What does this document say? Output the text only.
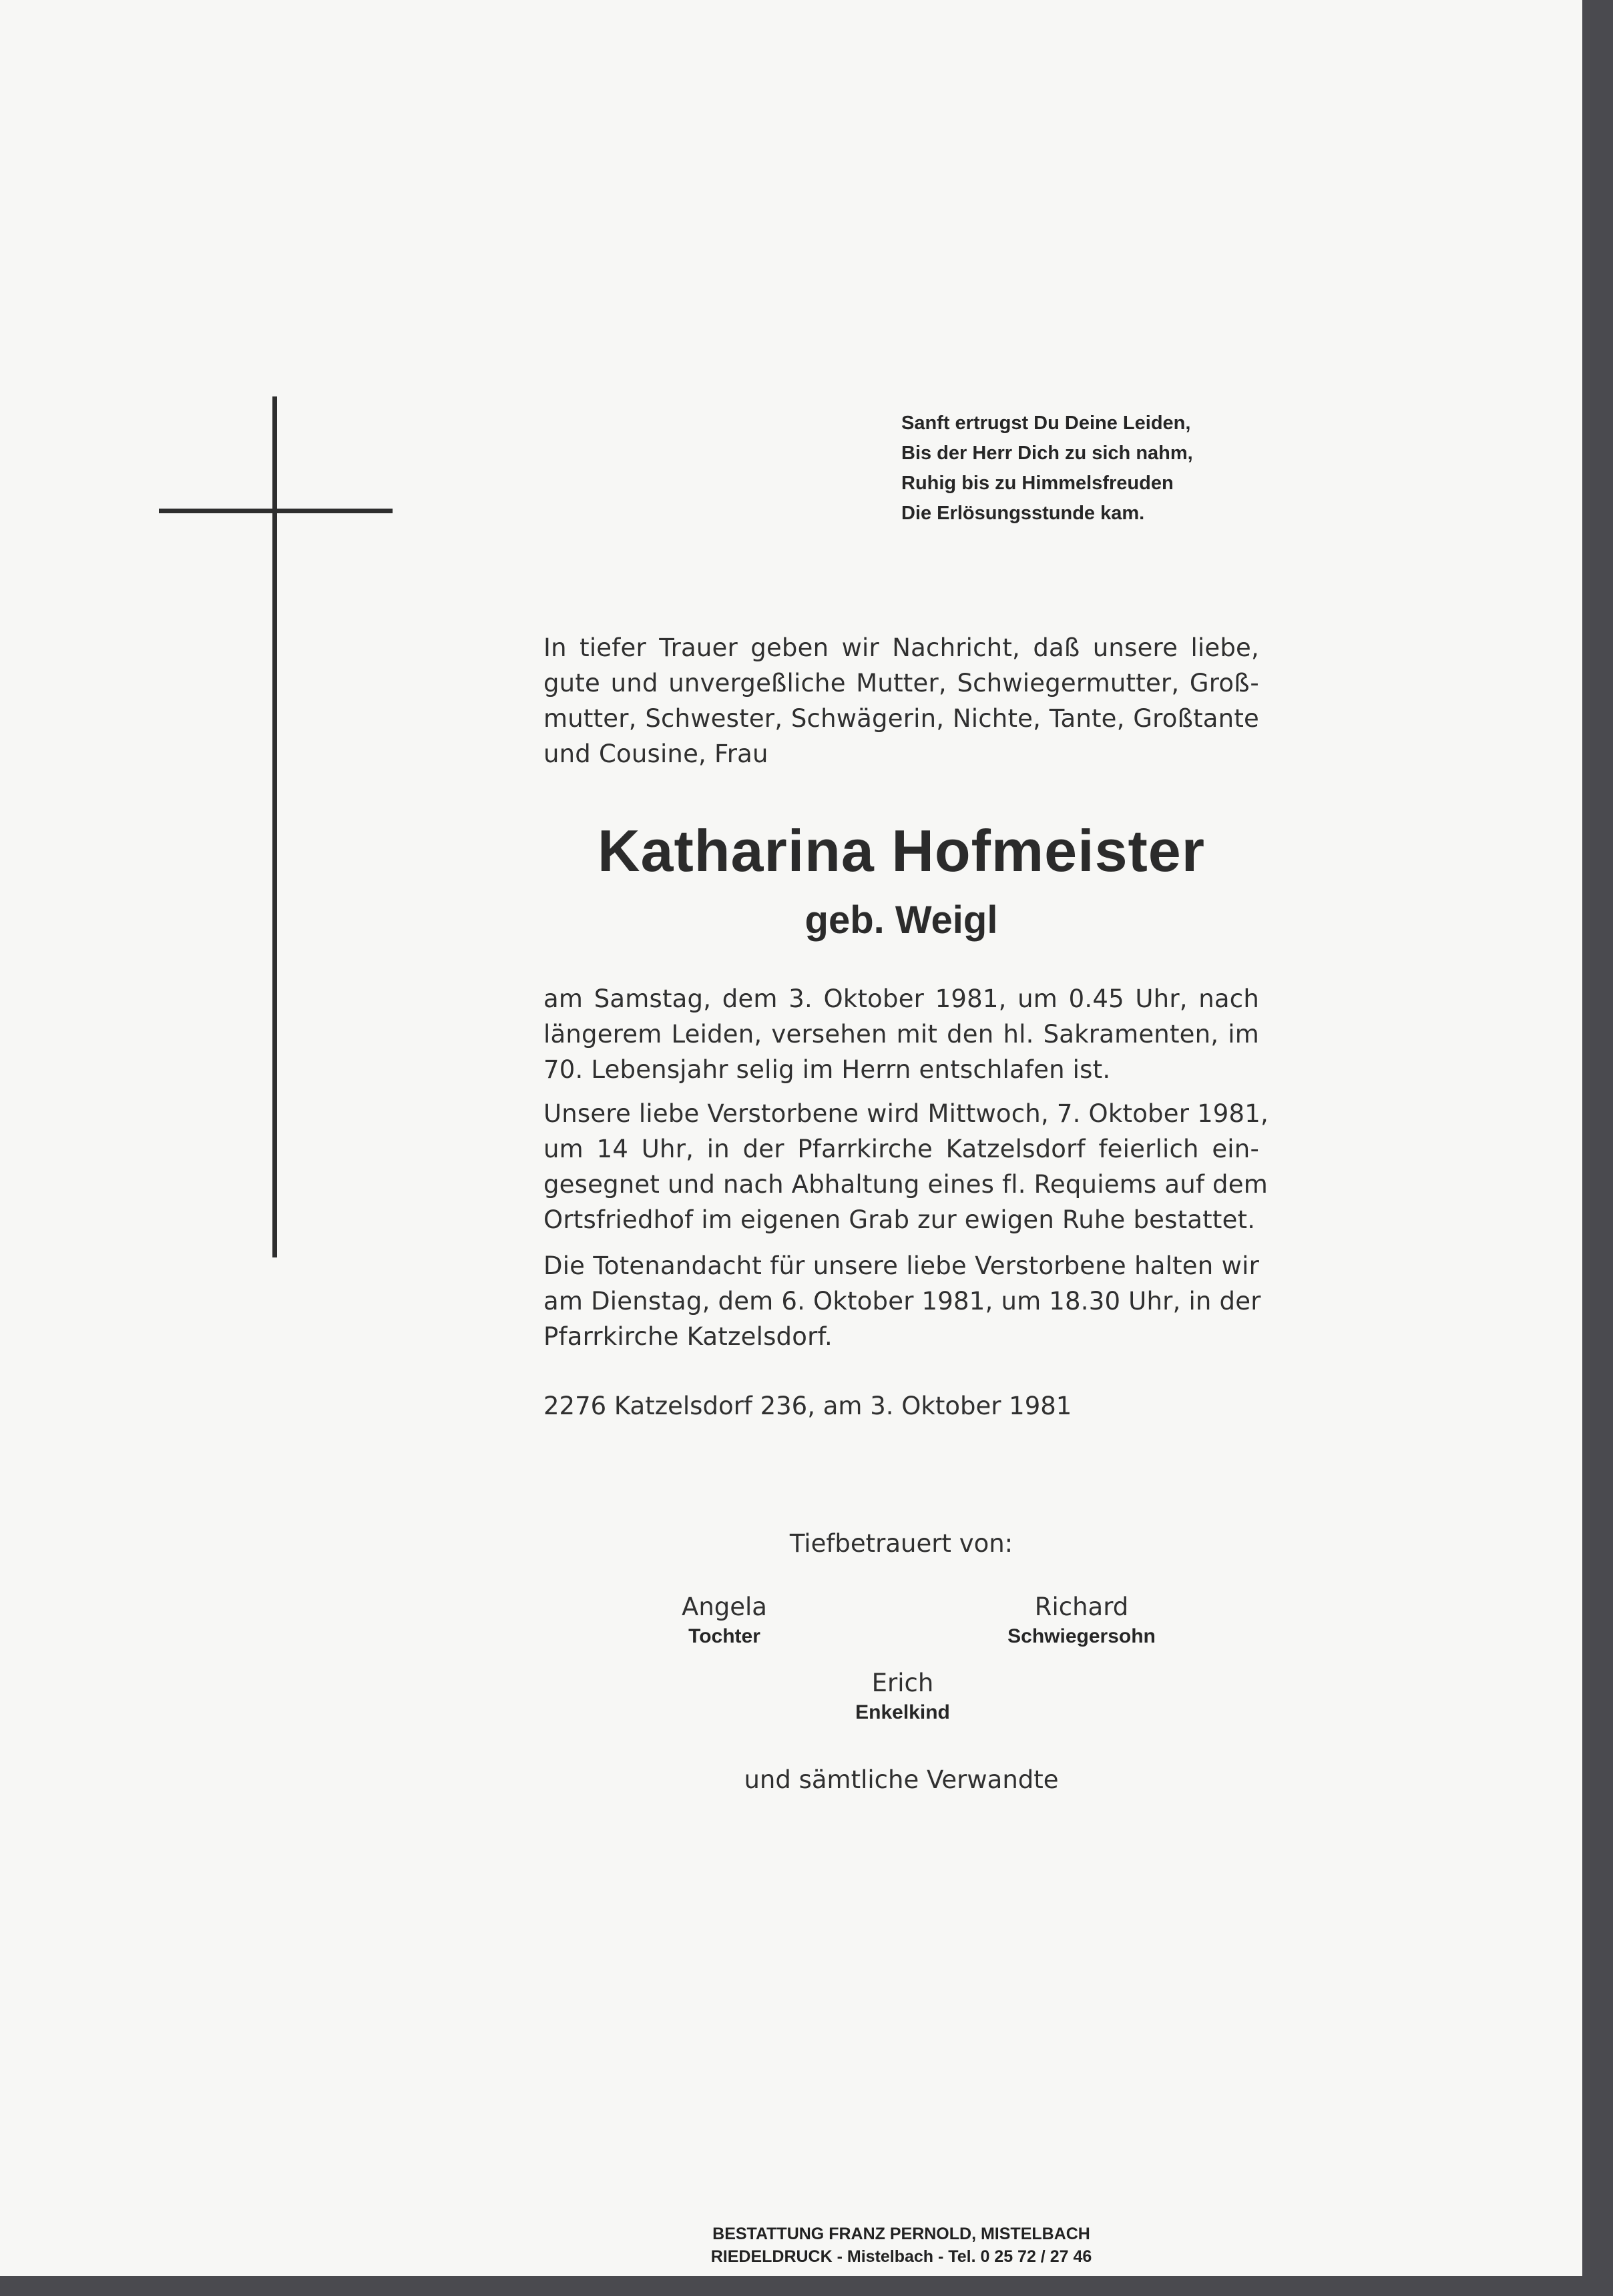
Sanft ertrugst Du Deine Leiden,
Bis der Herr Dich zu sich nahm,
Ruhig bis zu Himmelsfreuden
Die Erlösungsstunde kam.
In tiefer Trauer geben wir Nachricht, daß unsere liebe,
gute und unvergeßliche Mutter, Schwiegermutter, Groß-
mutter, Schwester, Schwägerin, Nichte, Tante, Großtante
und Cousine, Frau
Katharina Hofmeister
geb. Weigl
am Samstag, dem 3. Oktober 1981, um 0.45 Uhr, nach
längerem Leiden, versehen mit den hl. Sakramenten, im
70. Lebensjahr selig im Herrn entschlafen ist.
Unsere liebe Verstorbene wird Mittwoch, 7. Oktober 1981,
um 14 Uhr, in der Pfarrkirche Katzelsdorf feierlich ein-
gesegnet und nach Abhaltung eines fl. Requiems auf dem
Ortsfriedhof im eigenen Grab zur ewigen Ruhe bestattet.
Die Totenandacht für unsere liebe Verstorbene halten wir
am Dienstag, dem 6. Oktober 1981, um 18.30 Uhr, in der
Pfarrkirche Katzelsdorf.
2276 Katzelsdorf 236, am 3. Oktober 1981
Tiefbetrauert von:
Angela
Tochter
Richard
Schwiegersohn
Erich
Enkelkind
und sämtliche Verwandte
BESTATTUNG FRANZ PERNOLD, MISTELBACH
RIEDELDRUCK - Mistelbach - Tel. 0 25 72 / 27 46
